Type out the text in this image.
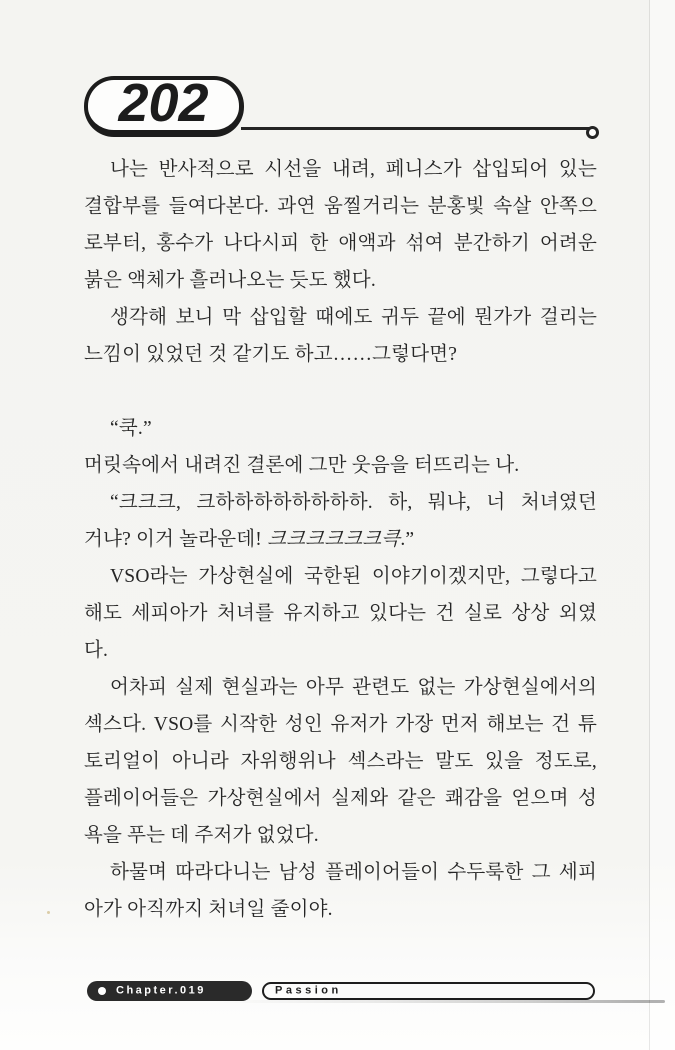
202
나는 반사적으로 시선을 내려, 페니스가 삽입되어 있는
결합부를 들여다본다. 과연 움찔거리는 분홍빛 속살 안쪽으
로부터, 홍수가 나다시피 한 애액과 섞여 분간하기 어려운
붉은 액체가 흘러나오는 듯도 했다.
생각해 보니 막 삽입할 때에도 귀두 끝에 뭔가가 걸리는
느낌이 있었던 것 같기도 하고……그렇다면?
“쿡.”
머릿속에서 내려진 결론에 그만 웃음을 터뜨리는 나.
“크크크, 크하하하하하하하하. 하, 뭐냐, 너 처녀였던
거냐? 이거 놀라운데! 크크크크크크큭.”
VSO라는 가상현실에 국한된 이야기이겠지만, 그렇다고
해도 세피아가 처녀를 유지하고 있다는 건 실로 상상 외였
다.
어차피 실제 현실과는 아무 관련도 없는 가상현실에서의
섹스다. VSO를 시작한 성인 유저가 가장 먼저 해보는 건 튜
토리얼이 아니라 자위행위나 섹스라는 말도 있을 정도로,
플레이어들은 가상현실에서 실제와 같은 쾌감을 얻으며 성
욕을 푸는 데 주저가 없었다.
하물며 따라다니는 남성 플레이어들이 수두룩한 그 세피
아가 아직까지 처녀일 줄이야.
Chapter.019	Passion
